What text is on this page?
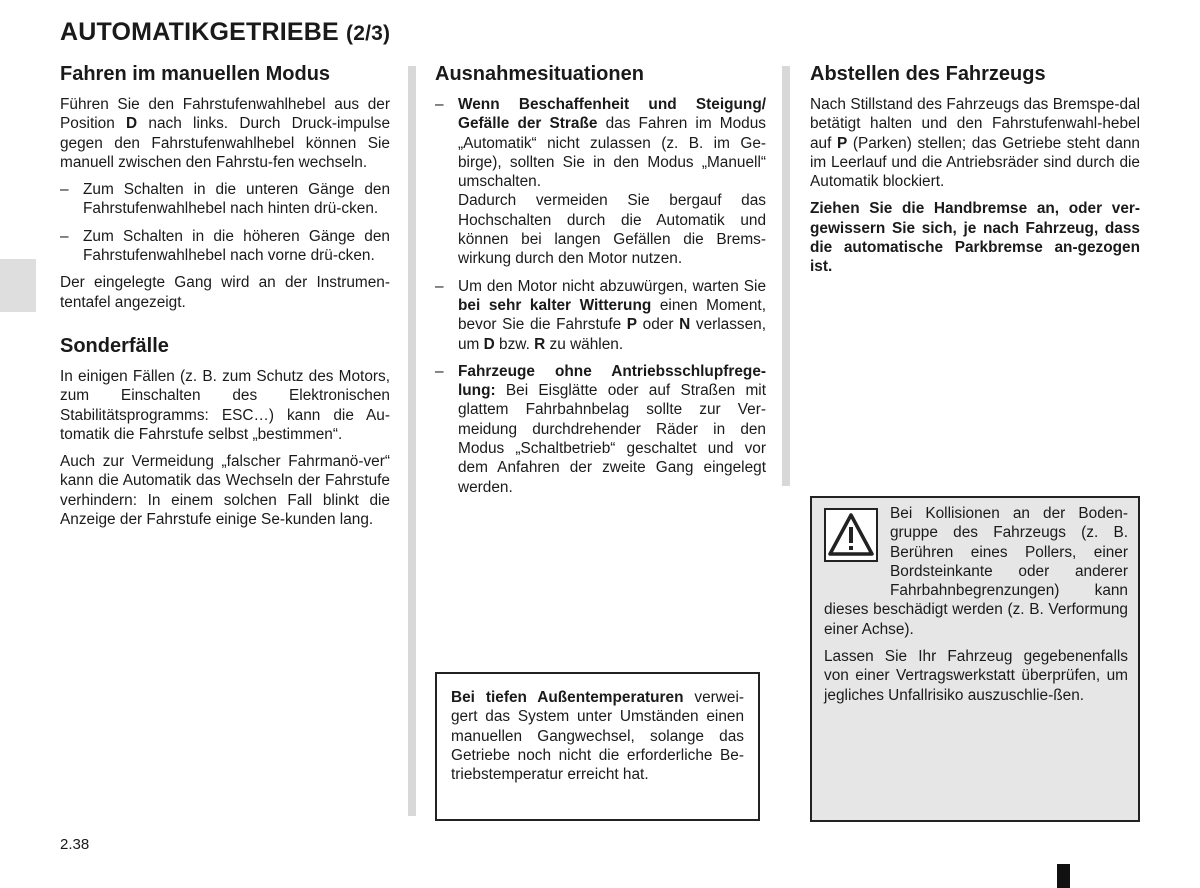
AUTOMATIKGETRIEBE (2/3)
Fahren im manuellen Modus

Führen Sie den Fahrstufenwahlhebel aus der Position D nach links. Durch Druck-impulse gegen den Fahrstufenwahlhebel können Sie manuell zwischen den Fahrstu-fen wechseln.

– Zum Schalten in die unteren Gänge den Fahrstufenwahlhebel nach hinten drü-cken.
– Zum Schalten in die höheren Gänge den Fahrstufenwahlhebel nach vorne drü-cken.

Der eingelegte Gang wird an der Instrumen-tentafel angezeigt.

Sonderfälle

In einigen Fällen (z. B. zum Schutz des Motors, zum Einschalten des Elektronischen Stabilitätsprogramms: ESC…) kann die Au-tomatik die Fahrstufe selbst „bestimmen“.

Auch zur Vermeidung „falscher Fahrmanö-ver“ kann die Automatik das Wechseln der Fahrstufe verhindern: In einem solchen Fall blinkt die Anzeige der Fahrstufe einige Se-kunden lang.

Ausnahmesituationen
– Wenn Beschaffenheit und Steigung/ Gefälle der Straße das Fahren im Modus „Automatik“ nicht zulassen (z. B. im Ge-birge), sollten Sie in den Modus „Manuell“ umschalten.
Dadurch vermeiden Sie bergauf das Hochschalten durch die Automatik und können bei langen Gefällen die Brems-wirkung durch den Motor nutzen.
– Um den Motor nicht abzuwürgen, warten Sie bei sehr kalter Witterung einen Moment, bevor Sie die Fahrstufe P oder N verlassen, um D bzw. R zu wählen.
– Fahrzeuge ohne Antriebsschlupfrege-lung: Bei Eisglätte oder auf Straßen mit glattem Fahrbahnbelag sollte zur Ver-meidung durchdrehender Räder in den Modus „Schaltbetrieb“ geschaltet und vor dem Anfahren der zweite Gang eingelegt werden.
Bei tiefen Außentemperaturen verwei-gert das System unter Umständen einen manuellen Gangwechsel, solange das Getriebe noch nicht die erforderliche Be-triebstemperatur erreicht hat.
Abstellen des Fahrzeugs

Nach Stillstand des Fahrzeugs das Bremspe-dal betätigt halten und den Fahrstufenwahl-hebel auf P (Parken) stellen; das Getriebe steht dann im Leerlauf und die Antriebsräder sind durch die Automatik blockiert.

Ziehen Sie die Handbremse an, oder ver-gewissern Sie sich, je nach Fahrzeug, dass die automatische Parkbremse an-gezogen ist.

Bei Kollisionen an der Boden-gruppe des Fahrzeugs (z. B. Berühren eines Pollers, einer Bordsteinkante oder anderer Fahrbahnbegrenzungen) kann dieses beschädigt werden (z. B. Verformung einer Achse).

Lassen Sie Ihr Fahrzeug gegebenenfalls von einer Vertragswerkstatt überprüfen, um jegliches Unfallrisiko auszuschlie-ßen.

2.38
